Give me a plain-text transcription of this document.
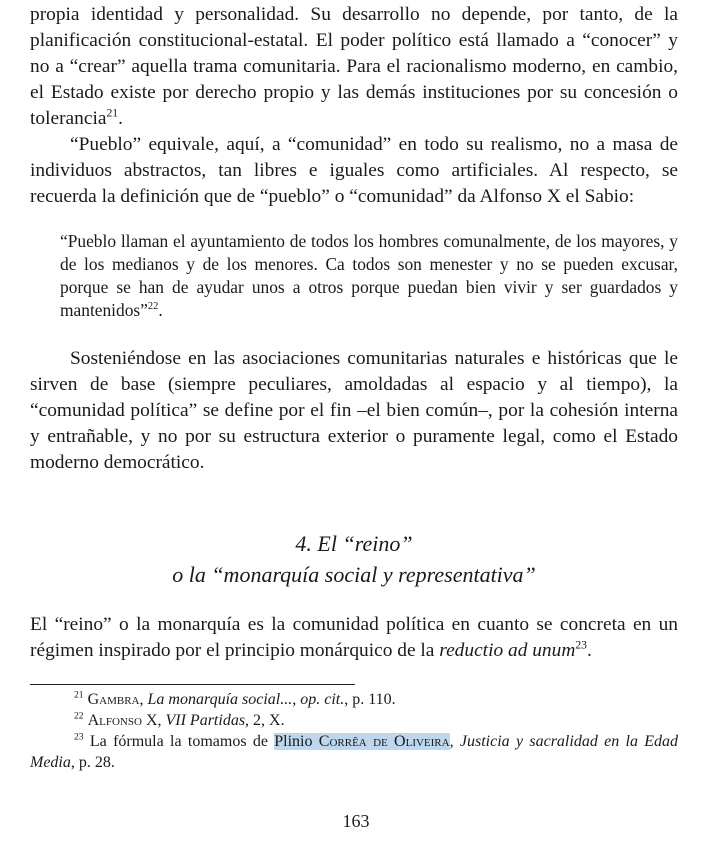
propia identidad y personalidad. Su desarrollo no depende, por tanto, de la planificación constitucional-estatal. El poder político está llamado a “conocer” y no a “crear” aquella trama comunitaria. Para el racionalismo moderno, en cambio, el Estado existe por derecho propio y las demás instituciones por su concesión o tolerancia$^{21}$.

“Pueblo” equivale, aquí, a “comunidad” en todo su realismo, no a masa de individuos abstractos, tan libres e iguales como artificiales. Al respecto, se recuerda la definición que de “pueblo” o “comunidad” da Alfonso X el Sabio:

“Pueblo llaman el ayuntamiento de todos los hombres comunalmente, de los mayores, y de los medianos y de los menores. Ca todos son menester y no se pueden excusar, porque se han de ayudar unos a otros porque puedan bien vivir y ser guardados y mantenidos”$^{22}$.

Sosteniéndose en las asociaciones comunitarias naturales e históricas que le sirven de base (siempre peculiares, amoldadas al espacio y al tiempo), la “comunidad política” se define por el fin –el bien común–, por la cohesión interna y entrañable, y no por su estructura exterior o puramente legal, como el Estado moderno democrático.

4. El “reino”

o la “monarquía social y representativa”

El “reino” o la monarquía es la comunidad política en cuanto se concreta en un régimen inspirado por el principio monárquico de la reductio ad unum$^{23}$.

$^{21}$ Gambra, La monarquía social..., op. cit., p. 110.

$^{22}$ Alfonso X, VII Partidas, 2, X.

$^{23}$ La fórmula la tomamos de Plinio Corrêa de Oliveira, Justicia y sacralidad en la Edad Media, p. 28.

163
